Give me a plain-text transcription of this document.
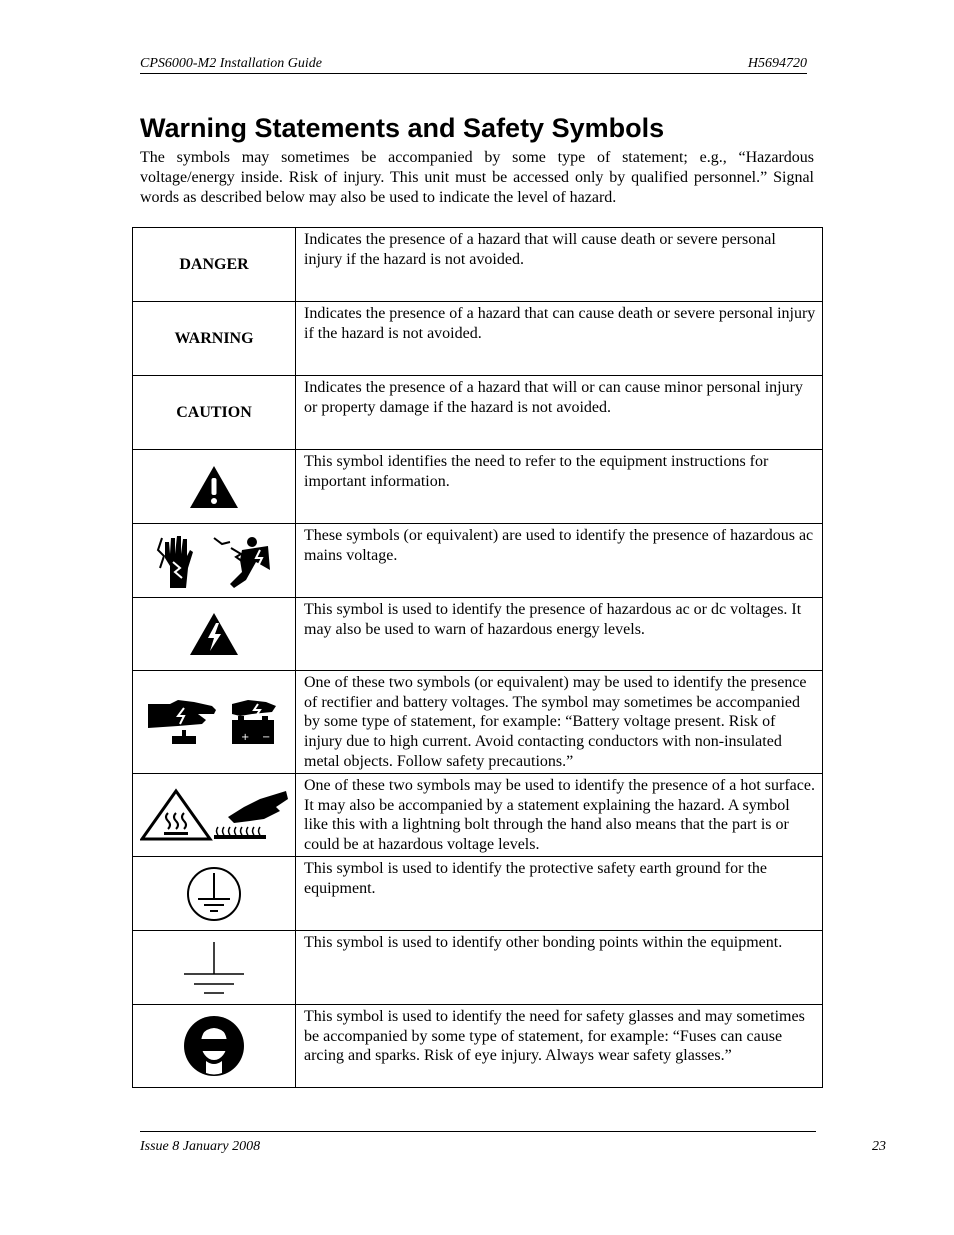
CPS6000-M2 Installation Guide	H5694720
Warning Statements and Safety Symbols

The symbols may sometimes be accompanied by some type of statement; e.g., “Hazardous voltage/energy inside. Risk of injury. This unit must be accessed only by qualified personnel.” Signal words as described below may also be used to indicate the level of hazard.

DANGER	Indicates the presence of a hazard that will cause death or severe personal injury if the hazard is not avoided.
WARNING	Indicates the presence of a hazard that can cause death or severe personal injury if the hazard is not avoided.
CAUTION	Indicates the presence of a hazard that will or can cause minor personal injury or property damage if the hazard is not avoided.

	This symbol identifies the need to refer to the equipment instructions for important information.

	These symbols (or equivalent) are used to identify the presence of hazardous ac mains voltage.

	This symbol is used to identify the presence of hazardous ac or dc voltages. It may also be used to warn of hazardous energy levels.

+ −	One of these two symbols (or equivalent) may be used to identify the presence of rectifier and battery voltages. The symbol may sometimes be accompanied by some type of statement, for example: “Battery voltage present. Risk of injury due to high current. Avoid contacting conductors with non-insulated metal objects. Follow safety precautions.”

	One of these two symbols may be used to identify the presence of a hot surface. It may also be accompanied by a statement explaining the hazard. A symbol like this with a lightning bolt through the hand also means that the part is or could be at hazardous voltage levels.

	This symbol is used to identify the protective safety earth ground for the equipment.

	This symbol is used to identify other bonding points within the equipment.

	This symbol is used to identify the need for safety glasses and may sometimes be accompanied by some type of statement, for example: “Fuses can cause arcing and sparks. Risk of eye injury. Always wear safety glasses.”
Issue 8 January 2008	23
